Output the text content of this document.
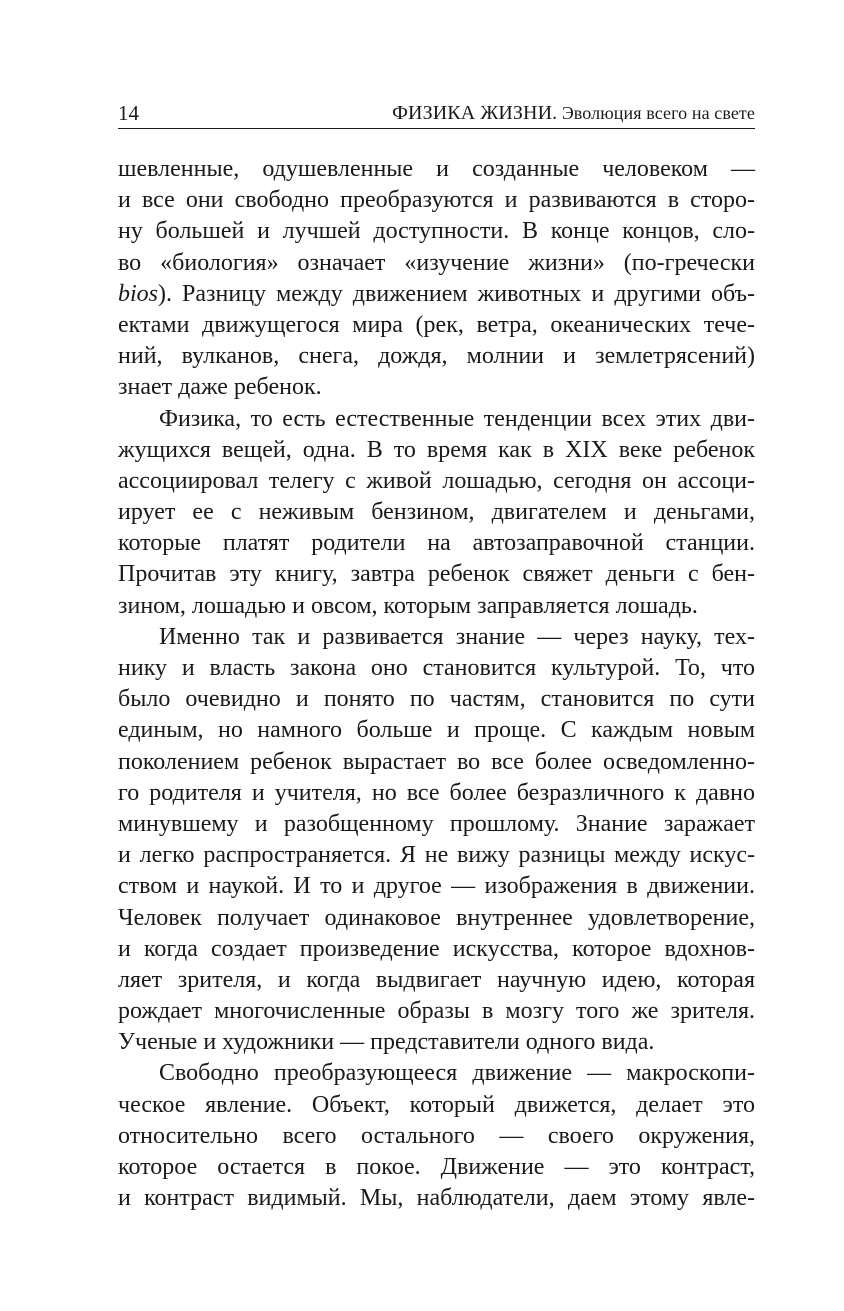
14	ФИЗИКА ЖИЗНИ. Эволюция всего на свете
шевленные, одушевленные и созданные человеком —
и все они свободно преобразуются и развиваются в сторо-
ну большей и лучшей доступности. В конце концов, сло-
во «биология» означает «изучение жизни» (по-гречески
bios). Разницу между движением животных и другими объ-
ектами движущегося мира (рек, ветра, океанических тече-
ний, вулканов, снега, дождя, молнии и землетрясений)
знает даже ребенок.
Физика, то есть естественные тенденции всех этих дви-
жущихся вещей, одна. В то время как в XIX веке ребенок
ассоциировал телегу с живой лошадью, сегодня он ассоци-
ирует ее с неживым бензином, двигателем и деньгами,
которые платят родители на автозаправочной станции.
Прочитав эту книгу, завтра ребенок свяжет деньги с бен-
зином, лошадью и овсом, которым заправляется лошадь.
Именно так и развивается знание — через науку, тех-
нику и власть закона оно становится культурой. То, что
было очевидно и понято по частям, становится по сути
единым, но намного больше и проще. С каждым новым
поколением ребенок вырастает во все более осведомленно-
го родителя и учителя, но все более безразличного к давно
минувшему и разобщенному прошлому. Знание заражает
и легко распространяется. Я не вижу разницы между искус-
ством и наукой. И то и другое — изображения в движении.
Человек получает одинаковое внутреннее удовлетворение,
и когда создает произведение искусства, которое вдохнов-
ляет зрителя, и когда выдвигает научную идею, которая
рождает многочисленные образы в мозгу того же зрителя.
Ученые и художники — представители одного вида.
Свободно преобразующееся движение — макроскопи-
ческое явление. Объект, который движется, делает это
относительно всего остального — своего окружения,
которое остается в покое. Движение — это контраст,
и контраст видимый. Мы, наблюдатели, даем этому явле-
